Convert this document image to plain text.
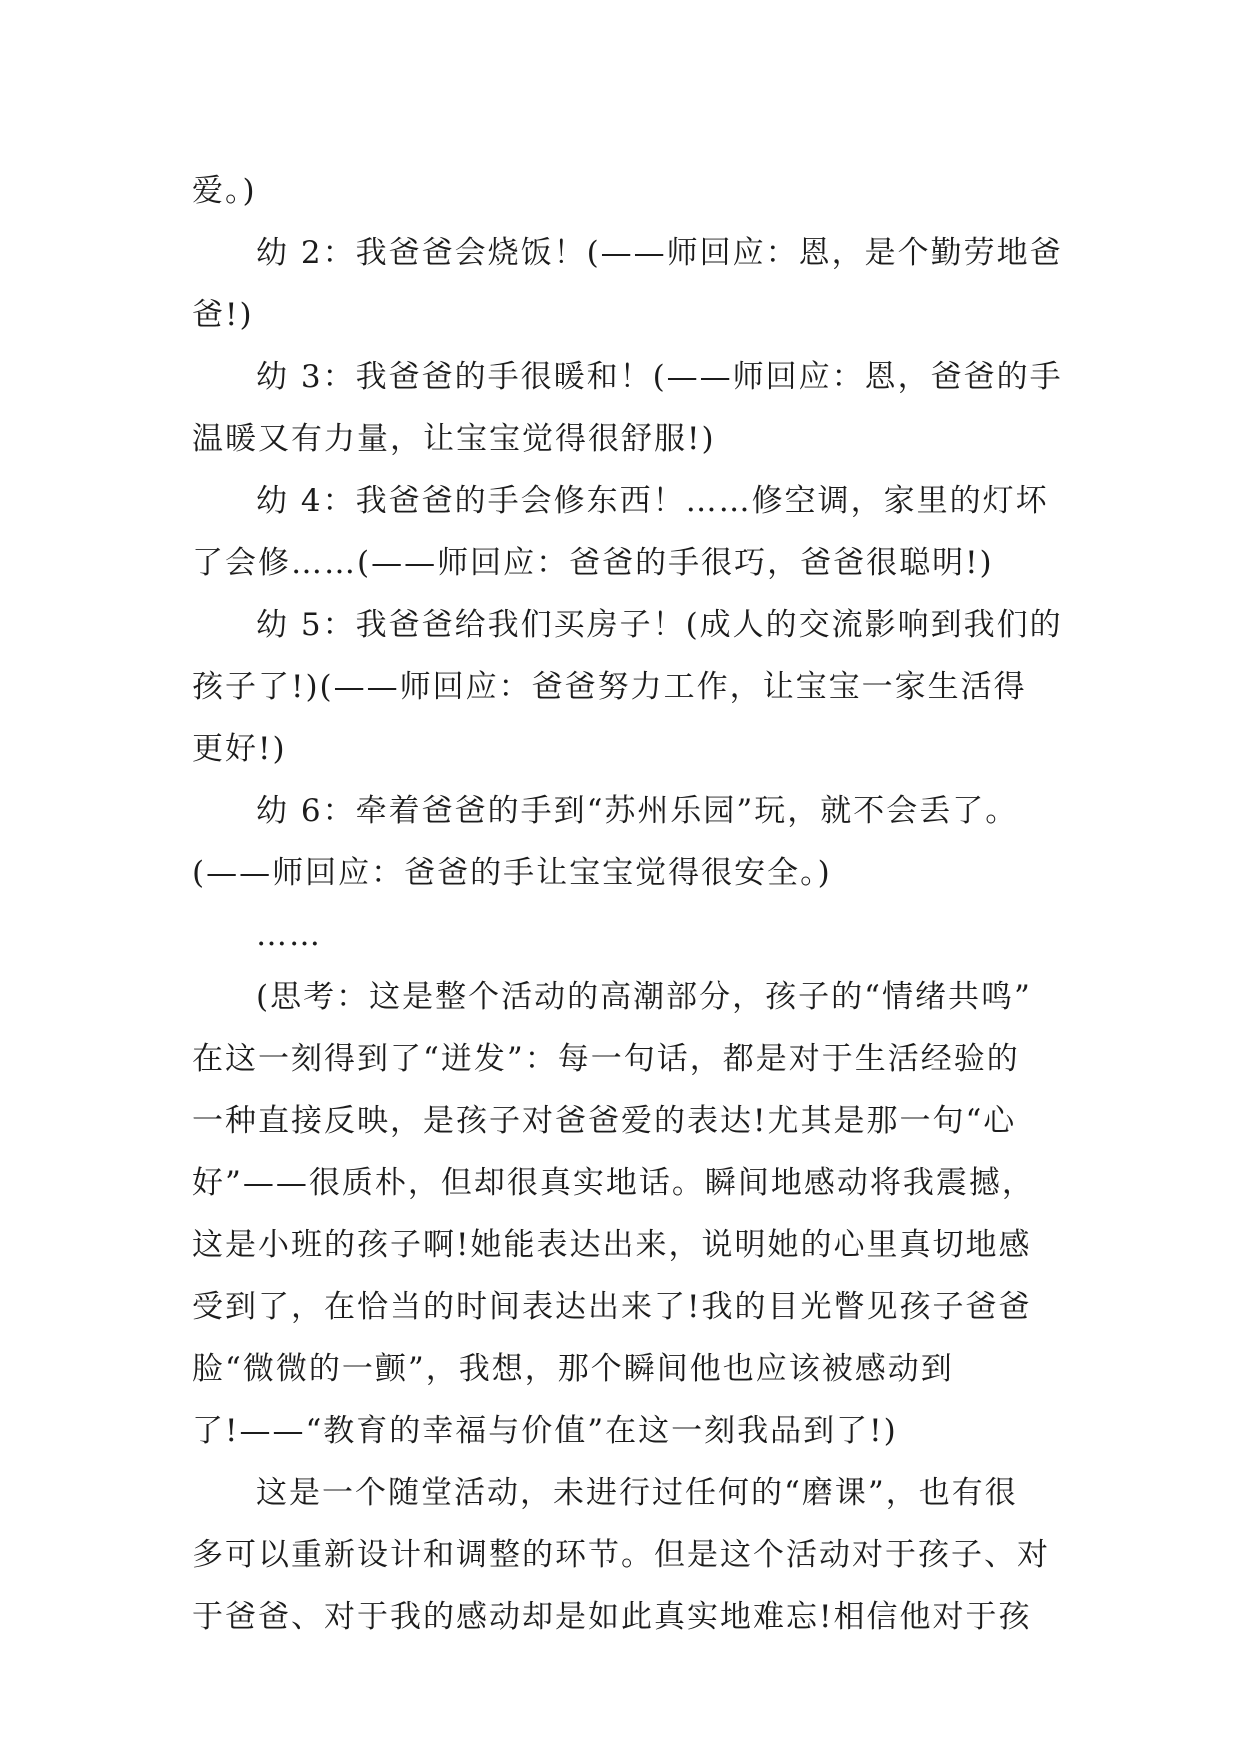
爱。)
幼 2：我爸爸会烧饭！(——师回应：恩，是个勤劳地爸
爸!)
幼 3：我爸爸的手很暖和！(——师回应：恩，爸爸的手
温暖又有力量，让宝宝觉得很舒服!)
幼 4：我爸爸的手会修东西！……修空调，家里的灯坏
了会修……(——师回应：爸爸的手很巧，爸爸很聪明!)
幼 5：我爸爸给我们买房子！(成人的交流影响到我们的
孩子了!)(——师回应：爸爸努力工作，让宝宝一家生活得
更好!)
幼 6：牵着爸爸的手到“苏州乐园”玩，就不会丢了。
(——师回应：爸爸的手让宝宝觉得很安全。)
……
(思考：这是整个活动的高潮部分，孩子的“情绪共鸣”
在这一刻得到了“迸发”：每一句话，都是对于生活经验的
一种直接反映，是孩子对爸爸爱的表达!尤其是那一句“心
好”——很质朴，但却很真实地话。瞬间地感动将我震撼，
这是小班的孩子啊!她能表达出来，说明她的心里真切地感
受到了，在恰当的时间表达出来了!我的目光瞥见孩子爸爸
脸“微微的一颤”，我想，那个瞬间他也应该被感动到
了!——“教育的幸福与价值”在这一刻我品到了!)
这是一个随堂活动，未进行过任何的“磨课”，也有很
多可以重新设计和调整的环节。但是这个活动对于孩子、对
于爸爸、对于我的感动却是如此真实地难忘!相信他对于孩
